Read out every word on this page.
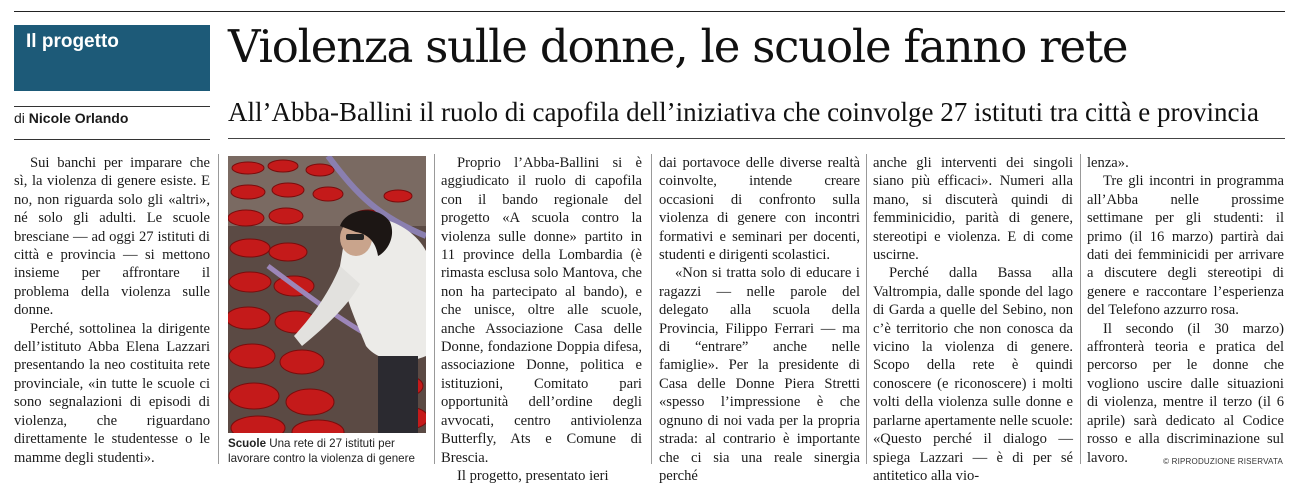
Il progetto
di Nicole Orlando
Violenza sulle donne, le scuole fanno rete
All’Abba-Ballini il ruolo di capofila dell’iniziativa che coinvolge 27 istituti tra città e provincia

Sui banchi per imparare che sì, la violenza di genere esiste. E no, non riguarda solo gli «altri», né solo gli adulti. Le scuole bresciane — ad oggi 27 istituti di città e provincia — si mettono insieme per affrontare il problema della violenza sulle donne.

Perché, sottolinea la dirigente dell’istituto Abba Elena Lazzari presentando la neo costituita rete provinciale, «in tutte le scuole ci sono segnalazioni di episodi di violenza, che riguardano direttamente le studentesse o le mamme degli studenti».

Scuole Una rete di 27 istituti per lavorare contro la violenza di genere

Proprio l’Abba-Ballini si è aggiudicato il ruolo di capofila con il bando regionale del progetto «A scuola contro la violenza sulle donne» partito in 11 province della Lombardia (è rimasta esclusa solo Mantova, che non ha partecipato al bando), e che unisce, oltre alle scuole, anche Associazione Casa delle Donne, fondazione Doppia difesa, associazione Donne, politica e istituzioni, Comitato pari opportunità dell’ordine degli avvocati, centro antiviolenza Butterfly, Ats e Comune di Brescia.

Il progetto, presentato ieri

dai portavoce delle diverse realtà coinvolte, intende creare occasioni di confronto sulla violenza di genere con incontri formativi e seminari per docenti, studenti e dirigenti scolastici.

«Non si tratta solo di educare i ragazzi — nelle parole del delegato alla scuola della Provincia, Filippo Ferrari — ma di “entrare” anche nelle famiglie». Per la presidente di Casa delle Donne Piera Stretti «spesso l’impressione è che ognuno di noi vada per la propria strada: al contrario è importante che ci sia una reale sinergia perché

anche gli interventi dei singoli siano più efficaci». Numeri alla mano, si discuterà quindi di femminicidio, parità di genere, stereotipi e violenza. E di come uscirne.

Perché dalla Bassa alla Valtrompia, dalle sponde del lago di Garda a quelle del Sebino, non c’è territorio che non conosca da vicino la violenza di genere. Scopo della rete è quindi conoscere (e riconoscere) i molti volti della violenza sulle donne e parlarne apertamente nelle scuole: «Questo perché il dialogo — spiega Lazzari — è di per sé antitetico alla vio-

lenza».

Tre gli incontri in programma all’Abba nelle prossime settimane per gli studenti: il primo (il 16 marzo) partirà dai dati dei femminicidi per arrivare a discutere degli stereotipi di genere e raccontare l’esperienza del Telefono azzurro rosa.

Il secondo (il 30 marzo) affronterà teoria e pratica del percorso per le donne che vogliono uscire dalle situazioni di violenza, mentre il terzo (il 6 aprile) sarà dedicato al Codice rosso e alla discriminazione sul lavoro.	© RIPRODUZIONE RISERVATA
